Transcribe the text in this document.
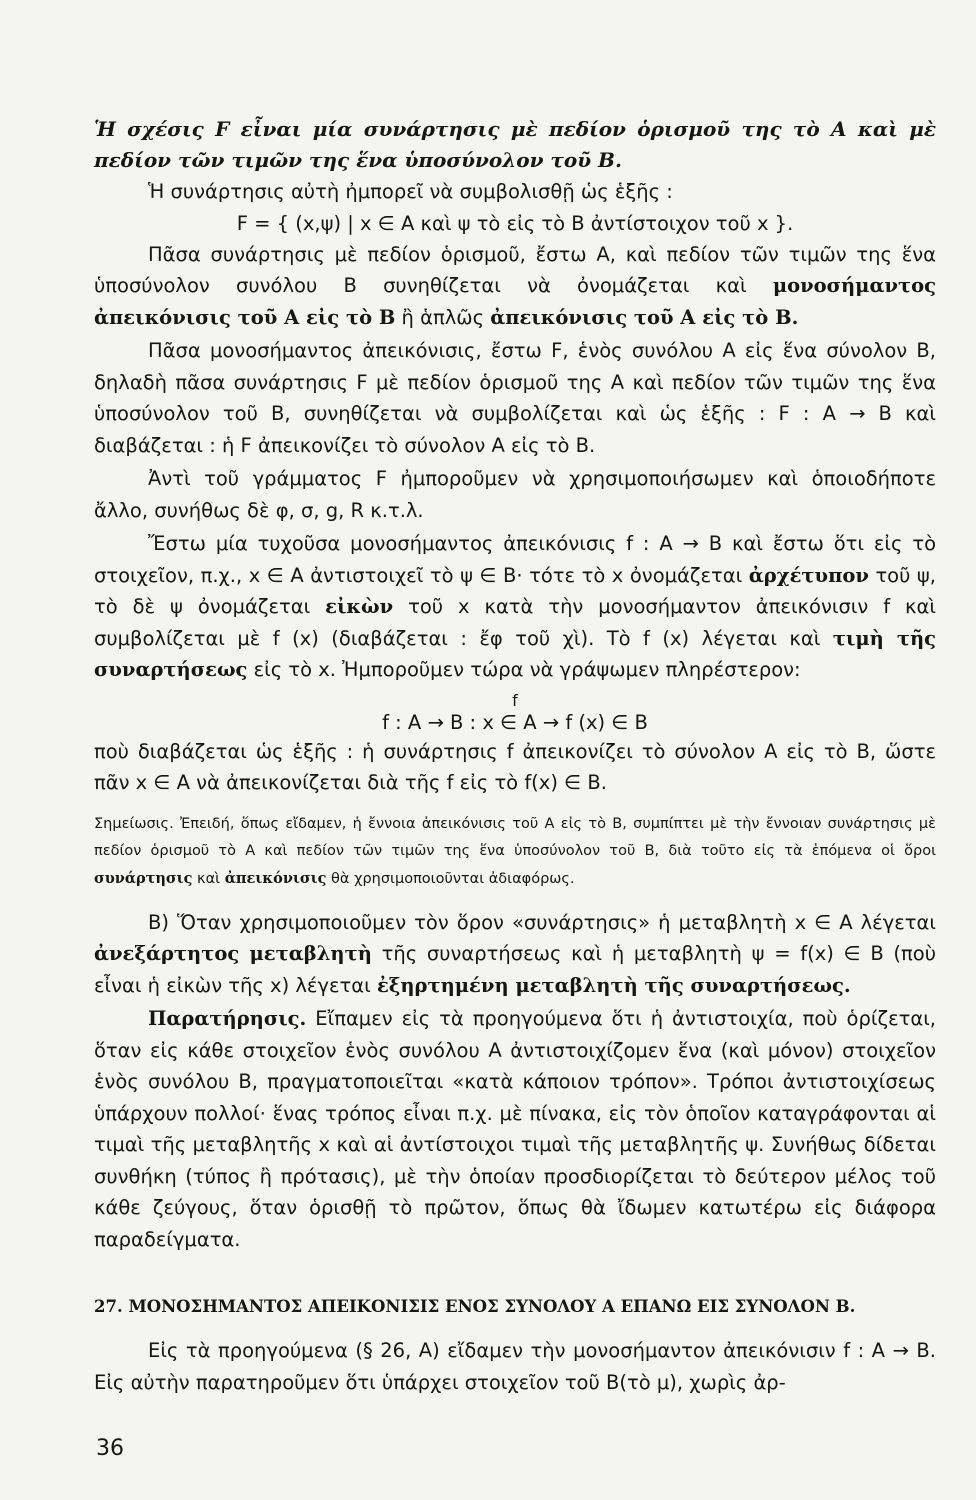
Ἡ σχέσις F εἶναι μία συνάρτησις μὲ πεδίον ὁρισμοῦ της τὸ Α καὶ μὲ πεδίον τῶν τιμῶν της ἕνα ὑποσύνολον τοῦ Β.

Ἡ συνάρτησις αὐτὴ ἠμπορεῖ νὰ συμβολισθῇ ὡς ἑξῆς :

F = { (x,ψ) | x ∈ A καὶ ψ τὸ εἰς τὸ Β ἀντίστοιχον τοῦ x }.

Πᾶσα συνάρτησις μὲ πεδίον ὁρισμοῦ, ἔστω Α, καὶ πεδίον τῶν τιμῶν της ἕνα ὑποσύνολον συνόλου Β συνηθίζεται νὰ ὀνομάζεται καὶ μονοσήμαντος ἀπεικόνισις τοῦ Α εἰς τὸ Β ἢ ἁπλῶς ἀπεικόνισις τοῦ Α εἰς τὸ Β.

Πᾶσα μονοσήμαντος ἀπεικόνισις, ἔστω F, ἑνὸς συνόλου Α εἰς ἕνα σύνολον Β, δηλαδὴ πᾶσα συνάρτησις F μὲ πεδίον ὁρισμοῦ της Α καὶ πεδίον τῶν τιμῶν της ἕνα ὑποσύνολον τοῦ Β, συνηθίζεται νὰ συμβολίζεται καὶ ὡς ἑξῆς : F : A → B καὶ διαβάζεται : ἡ F ἀπεικονίζει τὸ σύνολον Α εἰς τὸ Β.

Ἀντὶ τοῦ γράμματος F ἠμποροῦμεν νὰ χρησιμοποιήσωμεν καὶ ὁποιοδήποτε ἄλλο, συνήθως δὲ φ, σ, g, R κ.τ.λ.

Ἔστω μία τυχοῦσα μονοσήμαντος ἀπεικόνισις f : A → B καὶ ἔστω ὅτι εἰς τὸ στοιχεῖον, π.χ., x ∈ A ἀντιστοιχεῖ τὸ ψ ∈ B· τότε τὸ x ὀνομάζεται ἀρχέτυπον τοῦ ψ, τὸ δὲ ψ ὀνομάζεται εἰκὼν τοῦ x κατὰ τὴν μονοσήμαντον ἀπεικόνισιν f καὶ συμβολίζεται μὲ f (x) (διαβάζεται : ἔφ τοῦ χὶ). Τὸ f (x) λέγεται καὶ τιμὴ τῆς συναρτήσεως εἰς τὸ x. Ἠμποροῦμεν τώρα νὰ γράψωμεν πληρέστερον:

f
f : A → B : x ∈ A → f (x) ∈ B

ποὺ διαβάζεται ὡς ἑξῆς : ἡ συνάρτησις f ἀπεικονίζει τὸ σύνολον Α εἰς τὸ Β, ὥστε πᾶν x ∈ A νὰ ἀπεικονίζεται διὰ τῆς f εἰς τὸ f(x) ∈ B.

Σημείωσις. Ἐπειδή, ὅπως εἴδαμεν, ἡ ἔννοια ἀπεικόνισις τοῦ Α εἰς τὸ Β, συμπίπτει μὲ τὴν ἔννοιαν συνάρτησις μὲ πεδίον ὁρισμοῦ τὸ Α καὶ πεδίον τῶν τιμῶν της ἕνα ὑποσύνολον τοῦ Β, διὰ τοῦτο εἰς τὰ ἑπόμενα οἱ ὅροι συνάρτησις καὶ ἀπεικόνισις θὰ χρησιμοποιοῦνται ἀδιαφόρως.

Β) Ὅταν χρησιμοποιοῦμεν τὸν ὅρον «συνάρτησις» ἡ μεταβλητὴ x ∈ A λέγεται ἀνεξάρτητος μεταβλητὴ τῆς συναρτήσεως καὶ ἡ μεταβλητὴ ψ = f(x) ∈ B (ποὺ εἶναι ἡ εἰκὼν τῆς x) λέγεται ἐξηρτημένη μεταβλητὴ τῆς συναρτήσεως.

Παρατήρησις. Εἴπαμεν εἰς τὰ προηγούμενα ὅτι ἡ ἀντιστοιχία, ποὺ ὁρίζεται, ὅταν εἰς κάθε στοιχεῖον ἑνὸς συνόλου Α ἀντιστοιχίζομεν ἕνα (καὶ μόνον) στοιχεῖον ἑνὸς συνόλου Β, πραγματοποιεῖται «κατὰ κάποιον τρόπον». Τρόποι ἀντιστοιχίσεως ὑπάρχουν πολλοί· ἕνας τρόπος εἶναι π.χ. μὲ πίνακα, εἰς τὸν ὁποῖον καταγράφονται αἱ τιμαὶ τῆς μεταβλητῆς x καὶ αἱ ἀντίστοιχοι τιμαὶ τῆς μεταβλητῆς ψ. Συνήθως δίδεται συνθήκη (τύπος ἢ πρότασις), μὲ τὴν ὁποίαν προσδιορίζεται τὸ δεύτερον μέλος τοῦ κάθε ζεύγους, ὅταν ὁρισθῇ τὸ πρῶτον, ὅπως θὰ ἴδωμεν κατωτέρω εἰς διάφορα παραδείγματα.

27. ΜΟΝΟΣΗΜΑΝΤΟΣ ΑΠΕΙΚΟΝΙΣΙΣ ΕΝΟΣ ΣΥΝΟΛΟΥ Α ΕΠΑΝΩ ΕΙΣ ΣΥΝΟΛΟΝ Β.

Εἰς τὰ προηγούμενα (§ 26, Α) εἴδαμεν τὴν μονοσήμαντον ἀπεικόνισιν f : A → B. Εἰς αὐτὴν παρατηροῦμεν ὅτι ὑπάρχει στοιχεῖον τοῦ Β(τὸ μ), χωρὶς ἀρ-

36
